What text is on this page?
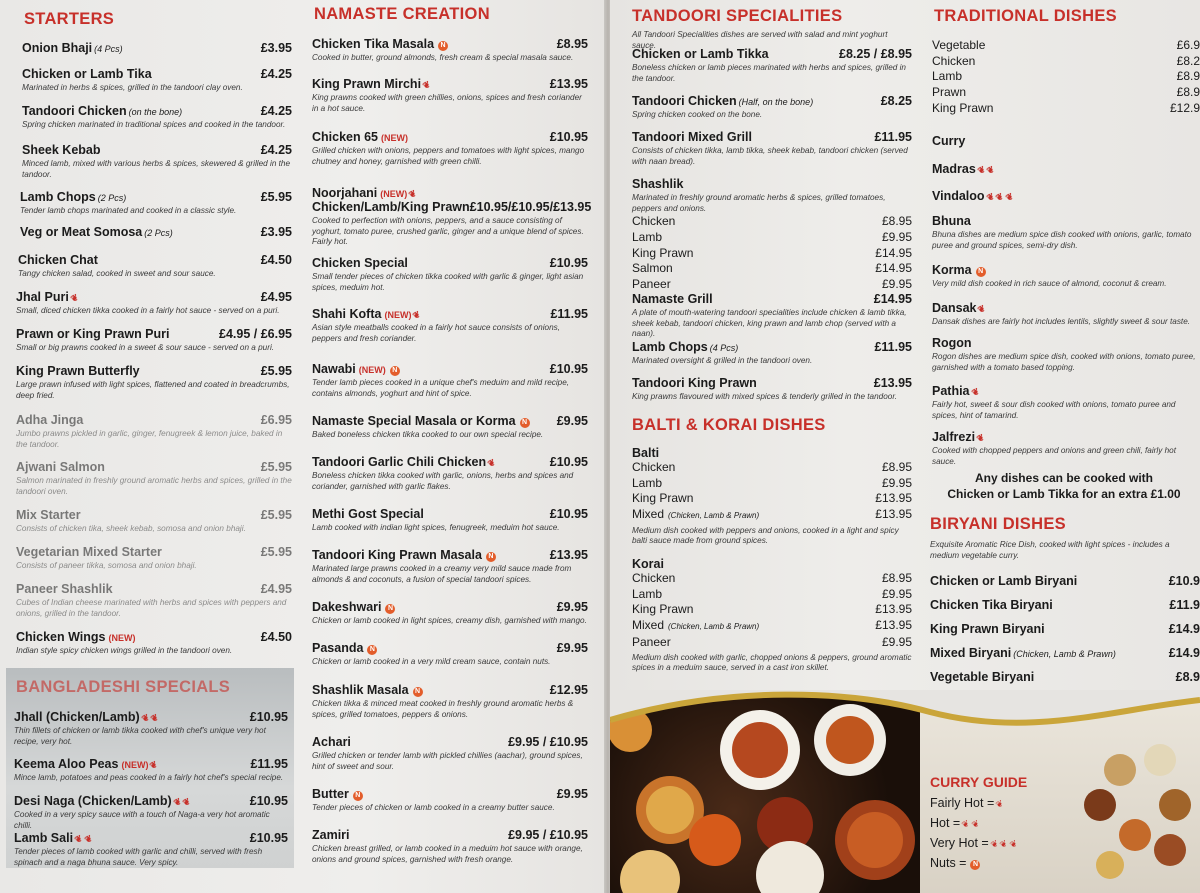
STARTERS
Onion Bhaji (4 Pcs)	£3.95
Chicken or Lamb Tika	£4.25
Marinated in herbs & spices, grilled in the tandoori clay oven.
Tandoori Chicken (on the bone)	£4.25
Spring chicken marinated in traditional spices and cooked in the tandoor.
Sheek Kebab	£4.25
Minced lamb, mixed with various herbs & spices, skewered & grilled in the tandoor.
Lamb Chops (2 Pcs)	£5.95
Tender lamb chops marinated and cooked in a classic style.
Veg or Meat Somosa (2 Pcs)	£3.95
Chicken Chat	£4.50
Tangy chicken salad, cooked in sweet and sour sauce.
Jhal Puri❦	£4.95
Small, diced chicken tikka cooked in a fairly hot sauce - served on a puri.
Prawn or King Prawn Puri	£4.95 / £6.95
Small or big prawns cooked in a sweet & sour sauce - served on a puri.
King Prawn Butterfly	£5.95
Large prawn infused with light spices, flattened and coated in breadcrumbs, deep fried.
Adha Jinga	£6.95
Jumbo prawns pickled in garlic, ginger, fenugreek & lemon juice, baked in the tandoor.
Ajwani Salmon	£5.95
Salmon marinated in freshly ground aromatic herbs and spices, grilled in the tandoori oven.
Mix Starter	£5.95
Consists of chicken tika, sheek kebab, somosa and onion bhaji.
Vegetarian Mixed Starter	£5.95
Consists of paneer tikka, somosa and onion bhaji.
Paneer Shashlik	£4.95
Cubes of Indian cheese marinated with herbs and spices with peppers and onions, grilled in the tandoor.
Chicken Wings (NEW)	£4.50
Indian style spicy chicken wings grilled in the tandoori oven.
BANGLADESHI SPECIALS
Jhall (Chicken/Lamb)❦❦	£10.95
Thin fillets of chicken or lamb tikka cooked with chef's unique very hot recipe, very hot.
Keema Aloo Peas (NEW)❦	£11.95
Mince lamb, potatoes and peas cooked in a fairly hot chef's special recipe.
Desi Naga (Chicken/Lamb)❦❦	£10.95
Cooked in a very spicy sauce with a touch of Naga-a very hot aromatic chilli.
Lamb Sali❦❦	£10.95
Tender pieces of lamb cooked with garlic and chilli, served with fresh spinach and a naga bhuna sauce. Very spicy.
NAMASTE CREATION
Chicken Tika Masala N	£8.95
Cooked in butter, ground almonds, fresh cream & special masala sauce.
King Prawn Mirchi❦	£13.95
King prawns cooked with green chillies, onions, spices and fresh coriander in a hot sauce.
Chicken 65 (NEW)	£10.95
Grilled chicken with onions, peppers and tomatoes with light spices, mango chutney and honey, garnished with green chilli.
Noorjahani (NEW)❦
Chicken/Lamb/King Prawn £10.95/£10.95/£13.95
Cooked to perfection with onions, peppers, and a sauce consisting of yoghurt, tomato puree, crushed garlic, ginger and a unique blend of spices. Fairly hot.
Chicken Special	£10.95
Small tender pieces of chicken tikka cooked with garlic & ginger, light asian spices, meduim hot.
Shahi Kofta (NEW)❦	£11.95
Asian style meatballs cooked in a fairly hot sauce consists of onions, peppers and fresh coriander.
Nawabi (NEW) N	£10.95
Tender lamb pieces cooked in a unique chef's meduim and mild recipe, contains almonds, yoghurt and hint of spice.
Namaste Special Masala or Korma N £9.95
Baked boneless chicken tikka cooked to our own special recipe.
Tandoori Garlic Chili Chicken❦	£10.95
Boneless chicken tikka cooked with garlic, onions, herbs and spices and coriander, garnished with garlic flakes.
Methi Gost Special	£10.95
Lamb cooked with indian light spices, fenugreek, meduim hot sauce.
Tandoori King Prawn Masala N	£13.95
Marinated large prawns cooked in a creamy very mild sauce made from almonds & and coconuts, a fusion of special tandoori spices.
Dakeshwari N	£9.95
Chicken or lamb cooked in light spices, creamy dish, garnished with mango.
Pasanda N	£9.95
Chicken or lamb cooked in a very mild cream sauce, contain nuts.
Shashlik Masala N	£12.95
Chicken tikka & minced meat cooked in freshly ground aromatic herbs & spices, grilled tomatoes, peppers & onions.
Achari	£9.95 / £10.95
Grilled chicken or tender lamb with pickled chillies (aachar), ground spices, hint of sweet and sour.
Butter N	£9.95
Tender pieces of chicken or lamb cooked in a creamy butter sauce.
Zamiri	£9.95 / £10.95
Chicken breast grilled, or lamb cooked in a meduim hot sauce with orange, onions and ground spices, garnished with fresh orange.
TANDOORI SPECIALITIES
All Tandoori Specialities dishes are served with salad and mint yoghurt sauce.
Chicken or Lamb Tikka	£8.25 / £8.95
Boneless chicken or lamb pieces marinated with herbs and spices, grilled in the tandoor.
Tandoori Chicken (Half, on the bone)	£8.25
Spring chicken cooked on the bone.
Tandoori Mixed Grill	£11.95
Consists of chicken tikka, lamb tikka, sheek kebab, tandoori chicken (served with naan bread).
Shashlik
Marinated in freshly ground aromatic herbs & spices, grilled tomatoes, peppers and onions.
Chicken	£8.95
Lamb	£9.95
King Prawn	£14.95
Salmon	£14.95
Paneer	£9.95
Namaste Grill	£14.95
A plate of mouth-watering tandoori specialities include chicken & lamb tikka, sheek kebab, tandoori chicken, king prawn and lamb chop (served with a naan).
Lamb Chops (4 Pcs)	£11.95
Marinated oversight & grilled in the tandoori oven.
Tandoori King Prawn	£13.95
King prawns flavoured with mixed spices & tenderly grilled in the tandoor.
BALTI & KORAI DISHES
Balti
Chicken	£8.95
Lamb	£9.95
King Prawn	£13.95
Mixed (Chicken, Lamb & Prawn)	£13.95
Medium dish cooked with peppers and onions, cooked in a light and spicy balti sauce made from ground spices.
Korai
Chicken	£8.95
Lamb	£9.95
King Prawn	£13.95
Mixed (Chicken, Lamb & Prawn)	£13.95
Paneer	£9.95
Medium dish cooked with garlic, chopped onions & peppers, ground aromatic spices in a meduim sauce, served in a cast iron skillet.
TRADITIONAL DISHES
Vegetable	£6.9
Chicken	£8.2
Lamb	£8.9
Prawn	£8.9
King Prawn	£12.9
Curry
Madras❦❦
Vindaloo❦❦❦
Bhuna
Bhuna dishes are medium spice dish cooked with onions, garlic, tomato puree and ground spices, semi-dry dish.
Korma N
Very mild dish cooked in rich sauce of almond, coconut & cream.
Dansak❦
Dansak dishes are fairly hot includes lentils, slightly sweet & sour taste.
Rogon
Rogon dishes are medium spice dish, cooked with onions, tomato puree, garnished with a tomato based topping.
Pathia❦
Fairly hot, sweet & sour dish cooked with onions, tomato puree and spices, hint of tamarind.
Jalfrezi❦
Cooked with chopped peppers and onions and green chili, fairly hot sauce.
Any dishes can be cooked with
Chicken or Lamb Tikka for an extra £1.00
BIRYANI DISHES
Exquisite Aromatic Rice Dish, cooked with light spices - includes a medium vegetable curry.
Chicken or Lamb Biryani	£10.9
Chicken Tika Biryani	£11.9
King Prawn Biryani	£14.9
Mixed Biryani (Chicken, Lamb & Prawn)	£14.9
Vegetable Biryani	£8.9
CURRY GUIDE
Fairly Hot =❦
Hot =❦❦
Very Hot =❦❦❦
Nuts = N
